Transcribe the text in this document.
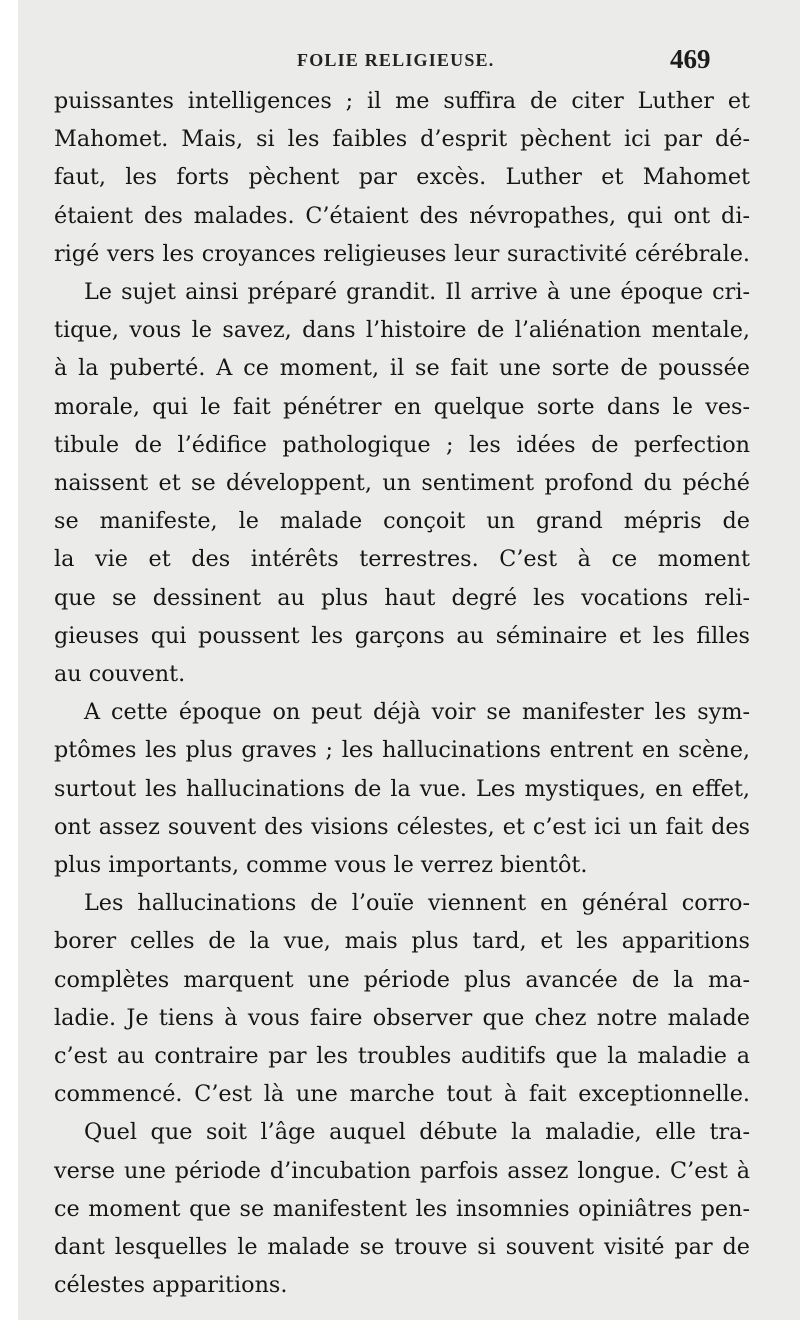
FOLIE RELIGIEUSE.	469
puissantes intelligences ; il me suffira de citer Luther et
Mahomet. Mais, si les faibles d’esprit pèchent ici par dé-
faut, les forts pèchent par excès. Luther et Mahomet
étaient des malades. C’étaient des névropathes, qui ont di-
rigé vers les croyances religieuses leur suractivité cérébrale.
Le sujet ainsi préparé grandit. Il arrive à une époque cri-
tique, vous le savez, dans l’histoire de l’aliénation mentale,
à la puberté. A ce moment, il se fait une sorte de poussée
morale, qui le fait pénétrer en quelque sorte dans le ves-
tibule de l’édifice pathologique ; les idées de perfection
naissent et se développent, un sentiment profond du péché
se manifeste, le malade conçoit un grand mépris de
la vie et des intérêts terrestres. C’est à ce moment
que se dessinent au plus haut degré les vocations reli-
gieuses qui poussent les garçons au séminaire et les filles
au couvent.
A cette époque on peut déjà voir se manifester les sym-
ptômes les plus graves ; les hallucinations entrent en scène,
surtout les hallucinations de la vue. Les mystiques, en effet,
ont assez souvent des visions célestes, et c’est ici un fait des
plus importants, comme vous le verrez bientôt.
Les hallucinations de l’ouïe viennent en général corro-
borer celles de la vue, mais plus tard, et les apparitions
complètes marquent une période plus avancée de la ma-
ladie. Je tiens à vous faire observer que chez notre malade
c’est au contraire par les troubles auditifs que la maladie a
commencé. C’est là une marche tout à fait exceptionnelle.
Quel que soit l’âge auquel débute la maladie, elle tra-
verse une période d’incubation parfois assez longue. C’est à
ce moment que se manifestent les insomnies opiniâtres pen-
dant lesquelles le malade se trouve si souvent visité par de
célestes apparitions.
